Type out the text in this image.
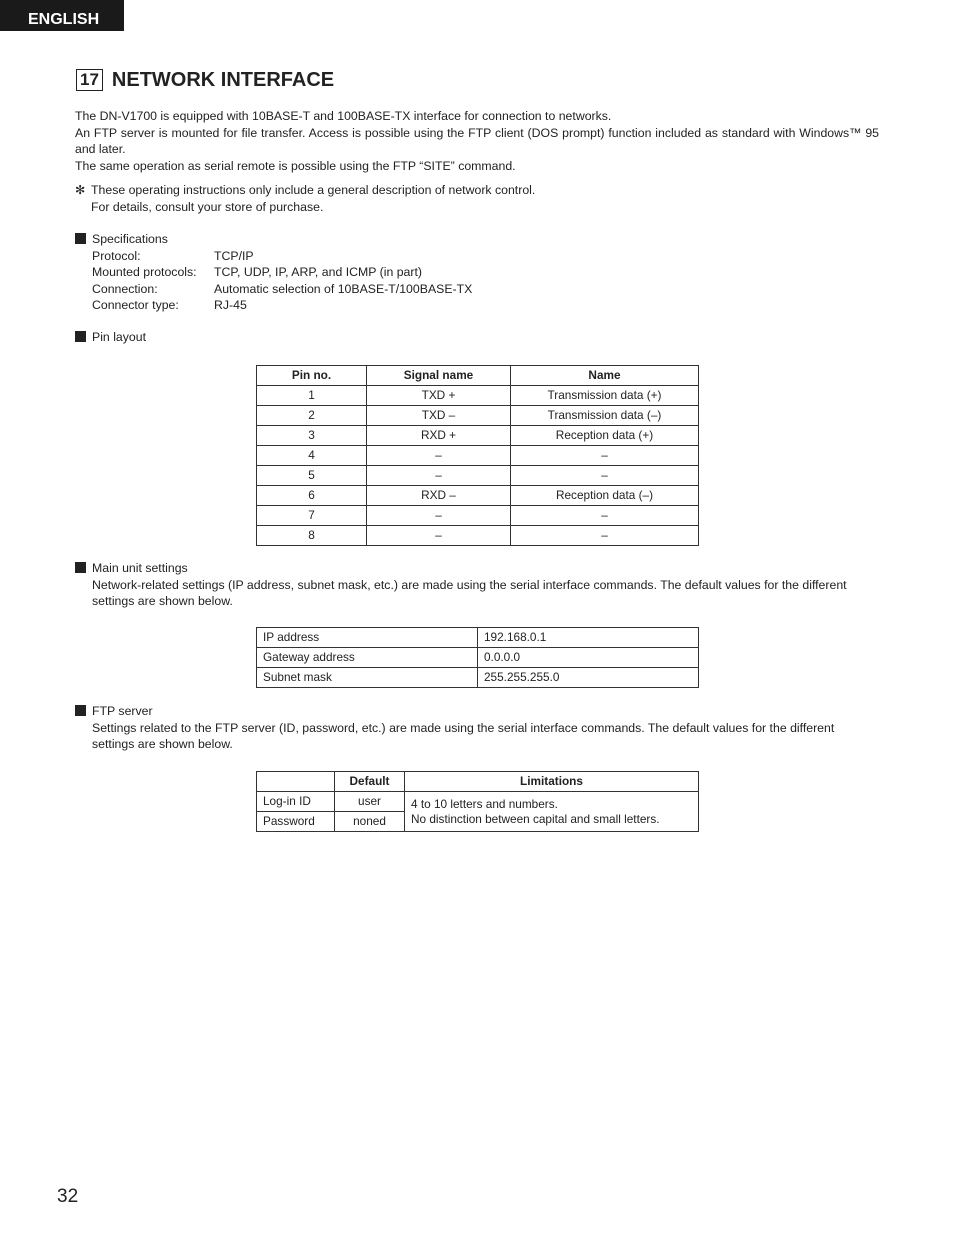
ENGLISH
17 NETWORK INTERFACE

The DN-V1700 is equipped with 10BASE-T and 100BASE-TX interface for connection to networks.

An FTP server is mounted for file transfer. Access is possible using the FTP client (DOS prompt) function included as standard with Windows™ 95 and later.

The same operation as serial remote is possible using the FTP “SITE” command.

✻ These operating instructions only include a general description of network control.

For details, consult your store of purchase.

Specifications
Protocol:	TCP/IP
Mounted protocols:	TCP, UDP, IP, ARP, and ICMP (in part)
Connection:	Automatic selection of 10BASE-T/100BASE-TX
Connector type:	RJ-45
Pin layout
Pin no.	Signal name	Name
1	TXD +	Transmission data (+)
2	TXD –	Transmission data (–)
3	RXD +	Reception data (+)
4	–	–
5	–	–
6	RXD –	Reception data (–)
7	–	–
8	–	–
Main unit settings

Network-related settings (IP address, subnet mask, etc.) are made using the serial interface commands. The default values for the different settings are shown below.

IP address	192.168.0.1
Gateway address	0.0.0.0
Subnet mask	255.255.255.0
FTP server

Settings related to the FTP server (ID, password, etc.) are made using the serial interface commands. The default values for the different settings are shown below.

	Default	Limitations
Log-in ID	user	4 to 10 letters and numbers.
No distinction between capital and small letters.

Password	noned	
32
